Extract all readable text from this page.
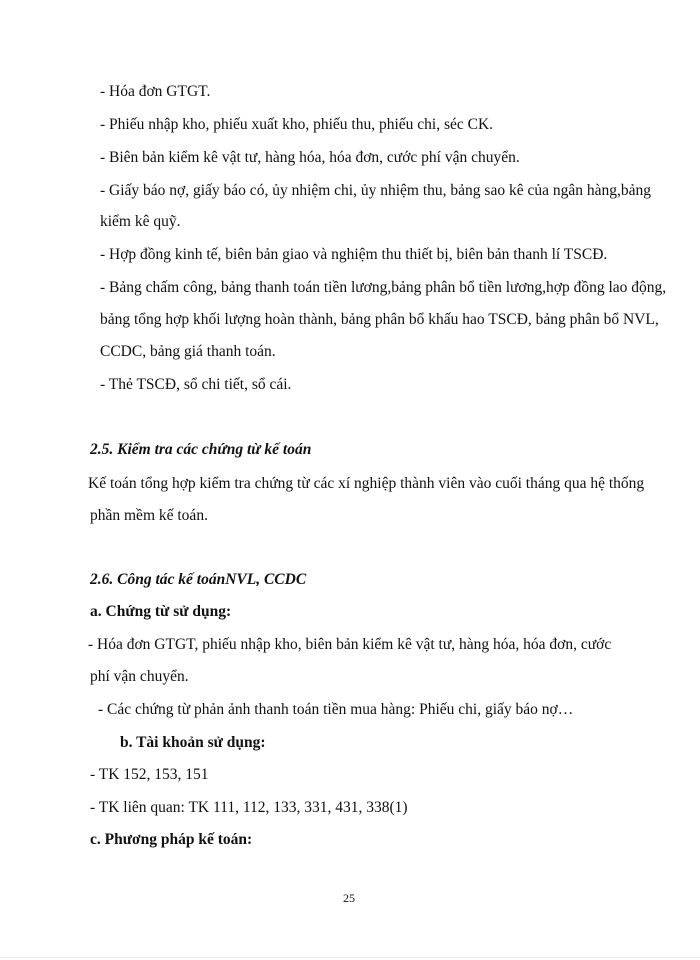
- Hóa đơn GTGT.
- Phiếu nhập kho, phiếu xuất kho, phiếu thu, phiếu chi, séc CK.
- Biên bản kiểm kê vật tư, hàng hóa, hóa đơn, cước phí vận chuyển.
- Giấy báo nợ, giấy báo có, ủy nhiệm chi, ủy nhiệm thu, bảng sao kê của ngân hàng,bảng
kiểm kê quỹ.
- Hợp đồng kinh tế, biên bản giao và nghiệm thu thiết bị, biên bản thanh lí TSCĐ.
- Bảng chấm công, bảng thanh toán tiền lương,bảng phân bổ tiền lương,hợp đồng lao động,
bảng tổng hợp khối lượng hoàn thành, bảng phân bổ khấu hao TSCĐ, bảng phân bổ NVL,
CCDC, bảng giá thanh toán.
- Thẻ TSCĐ, sổ chi tiết, sổ cái.
2.5. Kiểm tra các chứng từ kế toán
Kế toán tổng hợp kiểm tra chứng từ các xí nghiệp thành viên vào cuối tháng qua hệ thống
phần mềm kế toán.
2.6. Công tác kế toánNVL, CCDC
a. Chứng từ sử dụng:
- Hóa đơn GTGT, phiếu nhập kho, biên bản kiểm kê vật tư, hàng hóa, hóa đơn, cước
phí vận chuyển.
- Các chứng từ phản ảnh thanh toán tiền mua hàng: Phiếu chi, giấy báo nợ…
b. Tài khoản sử dụng:
- TK 152, 153, 151
- TK liên quan: TK 111, 112, 133, 331, 431, 338(1)
c. Phương pháp kế toán:
25
